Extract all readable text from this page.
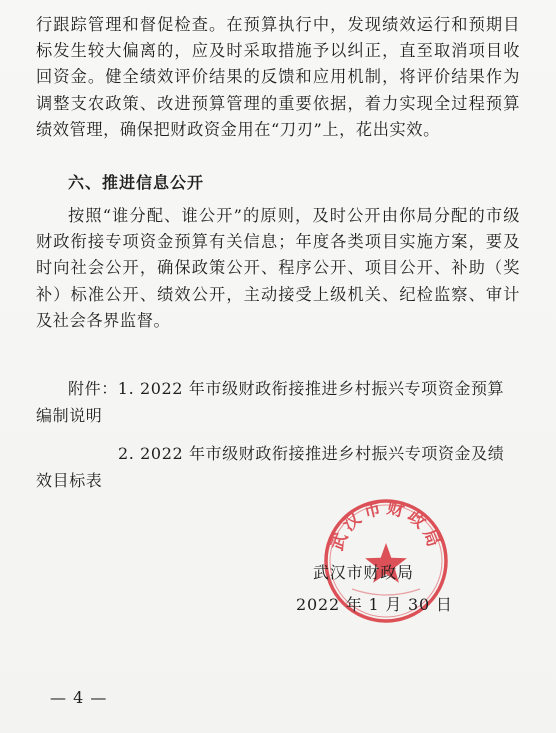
行跟踪管理和督促检查。在预算执行中，发现绩效运行和预期目标发生较大偏离的，应及时采取措施予以纠正，直至取消项目收回资金。健全绩效评价结果的反馈和应用机制，将评价结果作为调整支农政策、改进预算管理的重要依据，着力实现全过程预算绩效管理，确保把财政资金用在“刀刃”上，花出实效。

六、推进信息公开

按照“谁分配、谁公开”的原则，及时公开由你局分配的市级财政衔接专项资金预算有关信息；年度各类项目实施方案，要及时向社会公开，确保政策公开、程序公开、项目公开、补助（奖补）标准公开、绩效公开，主动接受上级机关、纪检监察、审计及社会各界监督。

附件：1. 2022 年市级财政衔接推进乡村振兴专项资金预算
编制说明
2. 2022 年市级财政衔接推进乡村振兴专项资金及绩
效目标表
武汉市财政局
武汉市财政局
2022 年 1 月 30 日
— 4 —
